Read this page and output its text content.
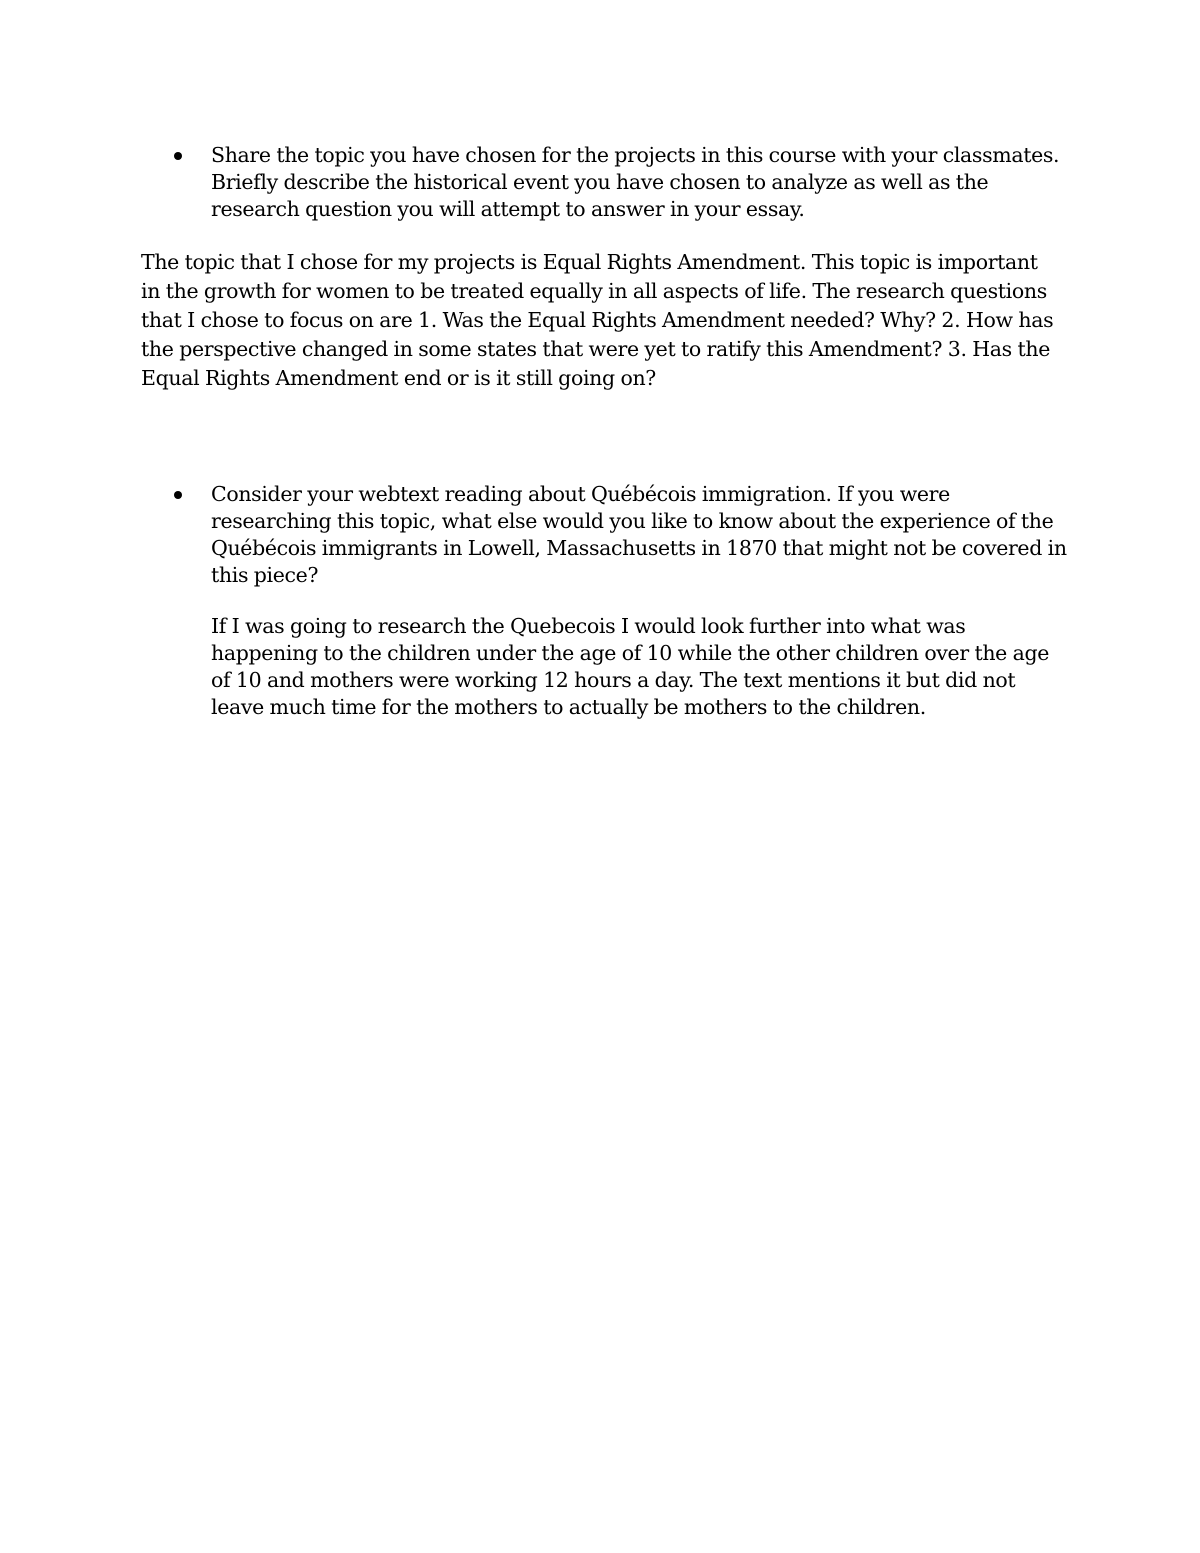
Share the topic you have chosen for the projects in this course with your classmates. Briefly describe the historical event you have chosen to analyze as well as the research question you will attempt to answer in your essay.
The topic that I chose for my projects is Equal Rights Amendment. This topic is important in the growth for women to be treated equally in all aspects of life. The research questions that I chose to focus on are 1. Was the Equal Rights Amendment needed? Why? 2. How has the perspective changed in some states that were yet to ratify this Amendment? 3. Has the Equal Rights Amendment end or is it still going on?
Consider your webtext reading about Québécois immigration. If you were researching this topic, what else would you like to know about the experience of the Québécois immigrants in Lowell, Massachusetts in 1870 that might not be covered in this piece?
If I was going to research the Quebecois I would look further into what was happening to the children under the age of 10 while the other children over the age of 10 and mothers were working 12 hours a day. The text mentions it but did not leave much time for the mothers to actually be mothers to the children.
